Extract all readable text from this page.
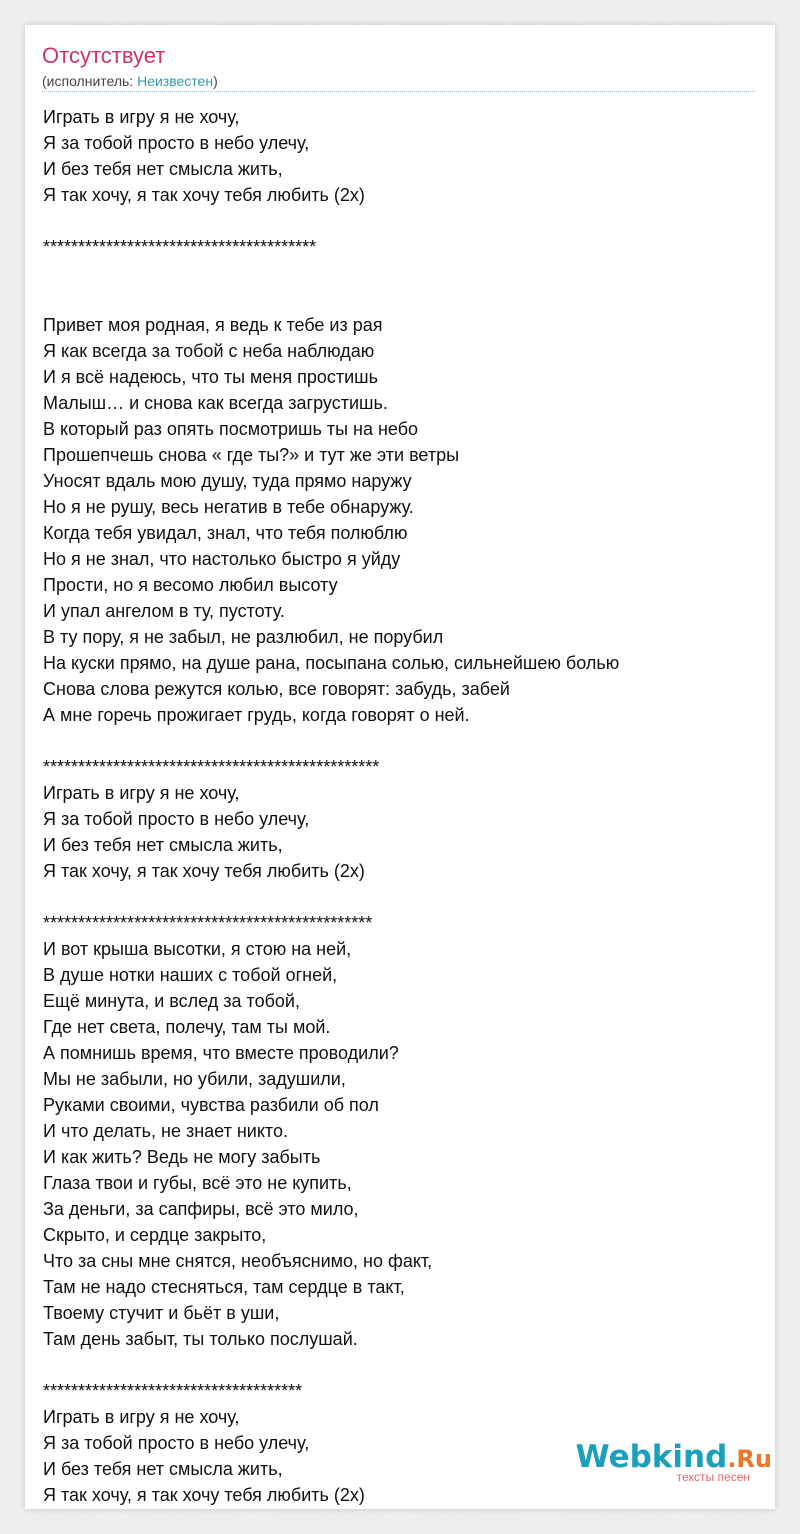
Отсутствует
(исполнитель: Неизвестен)
Играть в игру я не хочу,
Я за тобой просто в небо улечу,
И без тебя нет смысла жить,
Я так хочу, я так хочу тебя любить (2х)
***************************************
Привет моя родная, я ведь к тебе из рая
Я как всегда за тобой с неба наблюдаю
И я всё надеюсь, что ты меня простишь
Малыш… и снова как всегда загрустишь.
В который раз опять посмотришь ты на небо
Прошепчешь снова « где ты?» и тут же эти ветры
Уносят вдаль мою душу, туда прямо наружу
Но я не рушу, весь негатив в тебе обнаружу.
Когда тебя увидал, знал, что тебя полюблю
Но я не знал, что настолько быстро я уйду
Прости, но я весомо любил высоту
И упал ангелом в ту, пустоту.
В ту пору, я не забыл, не разлюбил, не порубил
На куски прямо, на душе рана, посыпана солью, сильнейшею болью
Снова слова режутся колью, все говорят: забудь, забей
А мне горечь прожигает грудь, когда говорят о ней.
************************************************
Играть в игру я не хочу,
Я за тобой просто в небо улечу,
И без тебя нет смысла жить,
Я так хочу, я так хочу тебя любить (2х)
***********************************************
И вот крыша высотки, я стою на ней,
В душе нотки наших с тобой огней,
Ещё минута, и вслед за тобой,
Где нет света, полечу, там ты мой.
А помнишь время, что вместе проводили?
Мы не забыли, но убили, задушили,
Руками своими, чувства разбили об пол
И что делать, не знает никто.
И как жить? Ведь не могу забыть
Глаза твои и губы, всё это не купить,
За деньги, за сапфиры, всё это мило,
Скрыто, и сердце закрыто,
Что за сны мне снятся, необъяснимо, но факт,
Там не надо стесняться, там сердце в такт,
Твоему стучит и бьёт в уши,
Там день забыт, ты только послушай.
*************************************
Играть в игру я не хочу,
Я за тобой просто в небо улечу,
И без тебя нет смысла жить,
Я так хочу, я так хочу тебя любить (2х)
Webkind.Ru
тексты песен
